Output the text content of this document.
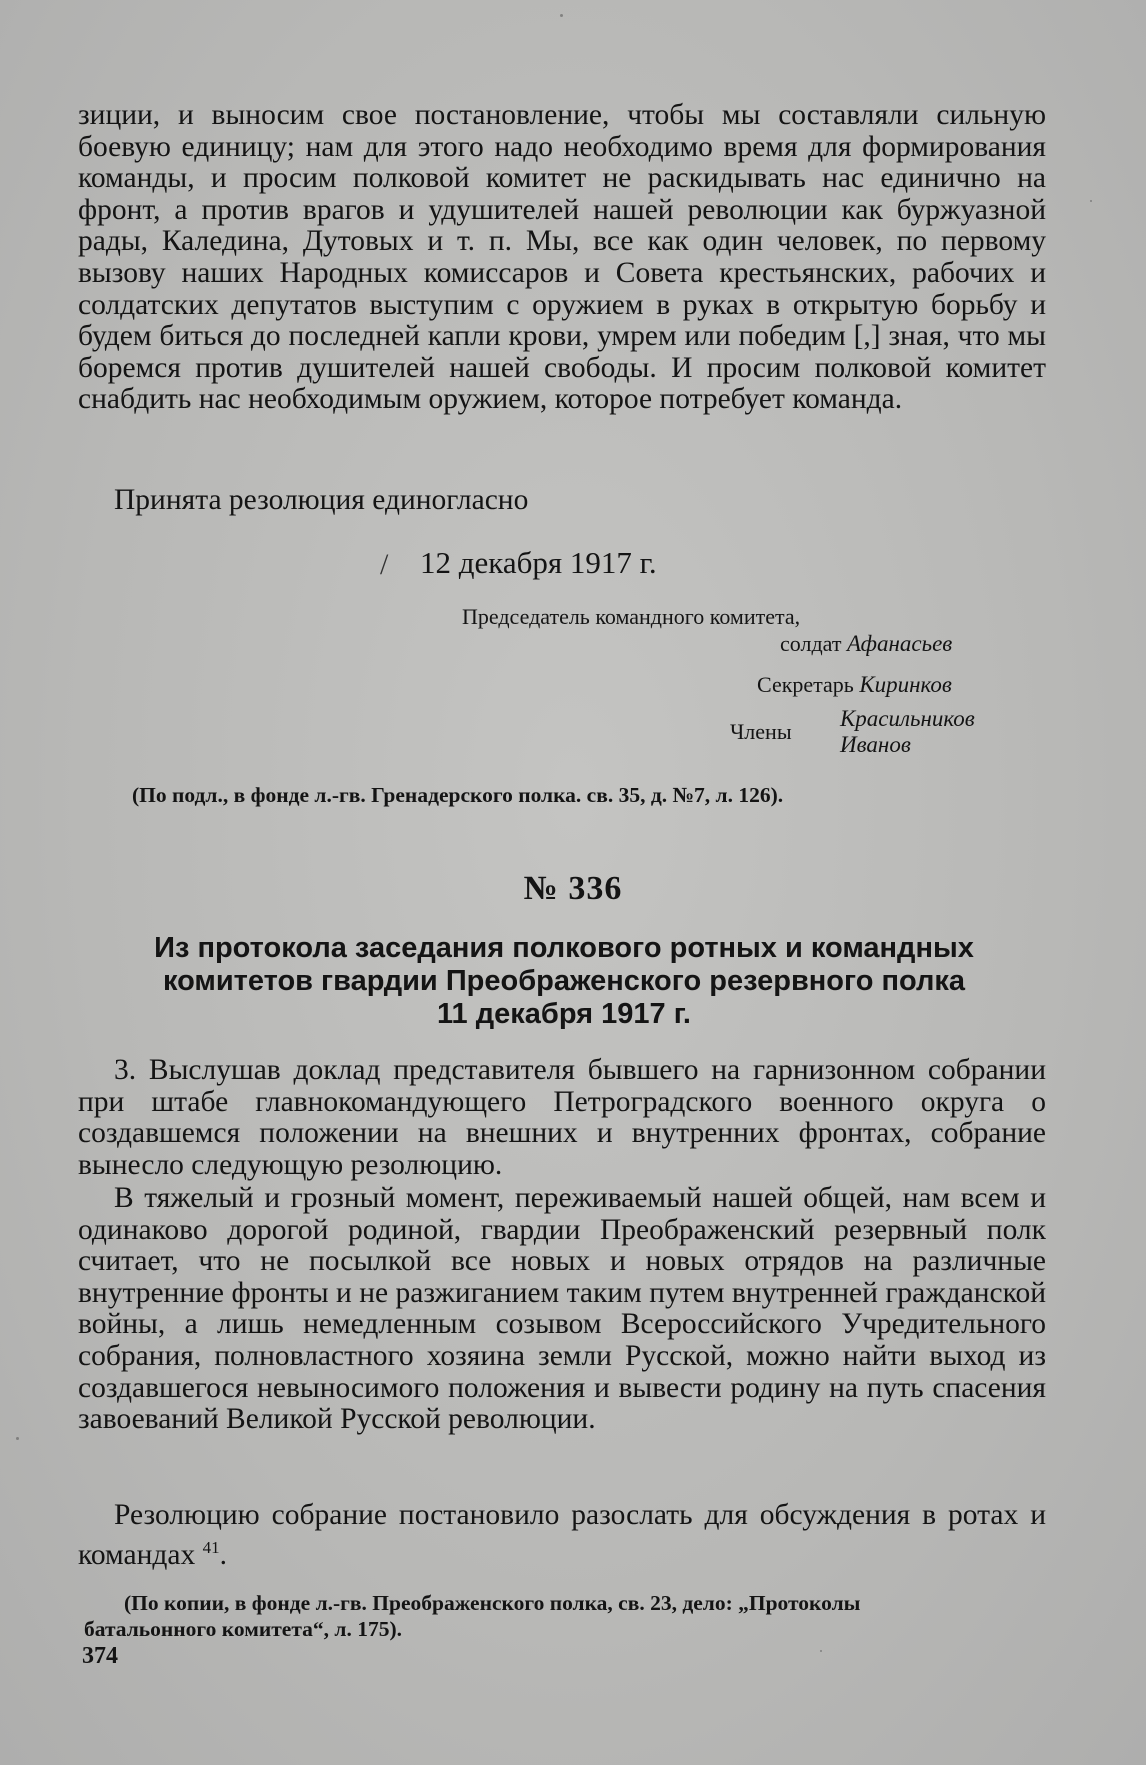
зиции, и выносим свое постановление, чтобы мы составляли сильную боевую единицу; нам для этого надо необходимо время для формирования команды, и просим полковой комитет не раскидывать нас единично на фронт, а против врагов и удушителей нашей революции как буржуазной рады, Каледина, Дутовых и т. п. Мы, все как один человек, по первому вызову наших Народных комиссаров и Совета крестьянских, рабочих и солдатских депутатов выступим с оружием в руках в открытую борьбу и будем биться до последней капли крови, умрем или победим [,] зная, что мы боремся против душителей нашей свободы. И просим полковой комитет снабдить нас необходимым оружием, которое потребует команда.

Принята резолюция единогласно
/ 12 декабря 1917 г.
Председатель командного комитета,
солдат Афанасьев
Секретарь Киринков
Члены
Красильников
Иванов
(По подл., в фонде л.-гв. Гренадерского полка. св. 35, д. №7, л. 126).
№ 336
Из протокола заседания полкового ротных и командных
комитетов гвардии Преображенского резервного полка
11 декабря 1917 г.

3. Выслушав доклад представителя бывшего на гарнизонном собрании при штабе главнокомандующего Петроградского военного округа о создавшемся положении на внешних и внутренних фронтах, собрание вынесло следующую резолюцию.

В тяжелый и грозный момент, переживаемый нашей общей, нам всем и одинаково дорогой родиной, гвардии Преображенский резервный полк считает, что не посылкой все новых и новых отрядов на различные внутренние фронты и не разжиганием таким путем внутренней гражданской войны, а лишь немедленным созывом Всероссийского Учредительного собрания, полновластного хозяина земли Русской, можно найти выход из создавшегося невыносимого положения и вывести родину на путь спасения завоеваний Великой Русской революции.

Резолюцию собрание постановило разослать для обсуждения в ротах и командах $^{41}$.

(По копии, в фонде л.-гв. Преображенского полка, св. 23, дело: „Протоколы
батальонного комитета“, л. 175).
374
